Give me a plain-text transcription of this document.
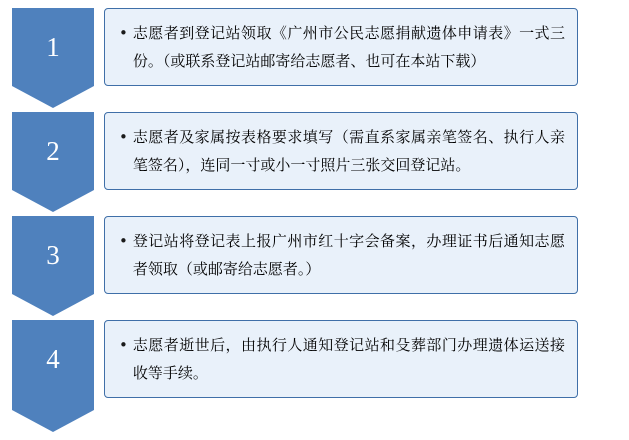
1
2
3
4
• 志愿者到登记站领取《广州市公民志愿捐献遗体申请表》一式三份。（或联系登记站邮寄给志愿者、也可在本站下载）
• 志愿者及家属按表格要求填写（需直系家属亲笔签名、执行人亲笔签名），连同一寸或小一寸照片三张交回登记站。
• 登记站将登记表上报广州市红十字会备案，办理证书后通知志愿者领取（或邮寄给志愿者。）
• 志愿者逝世后，由执行人通知登记站和殳葬部门办理遗体运送接收等手续。
